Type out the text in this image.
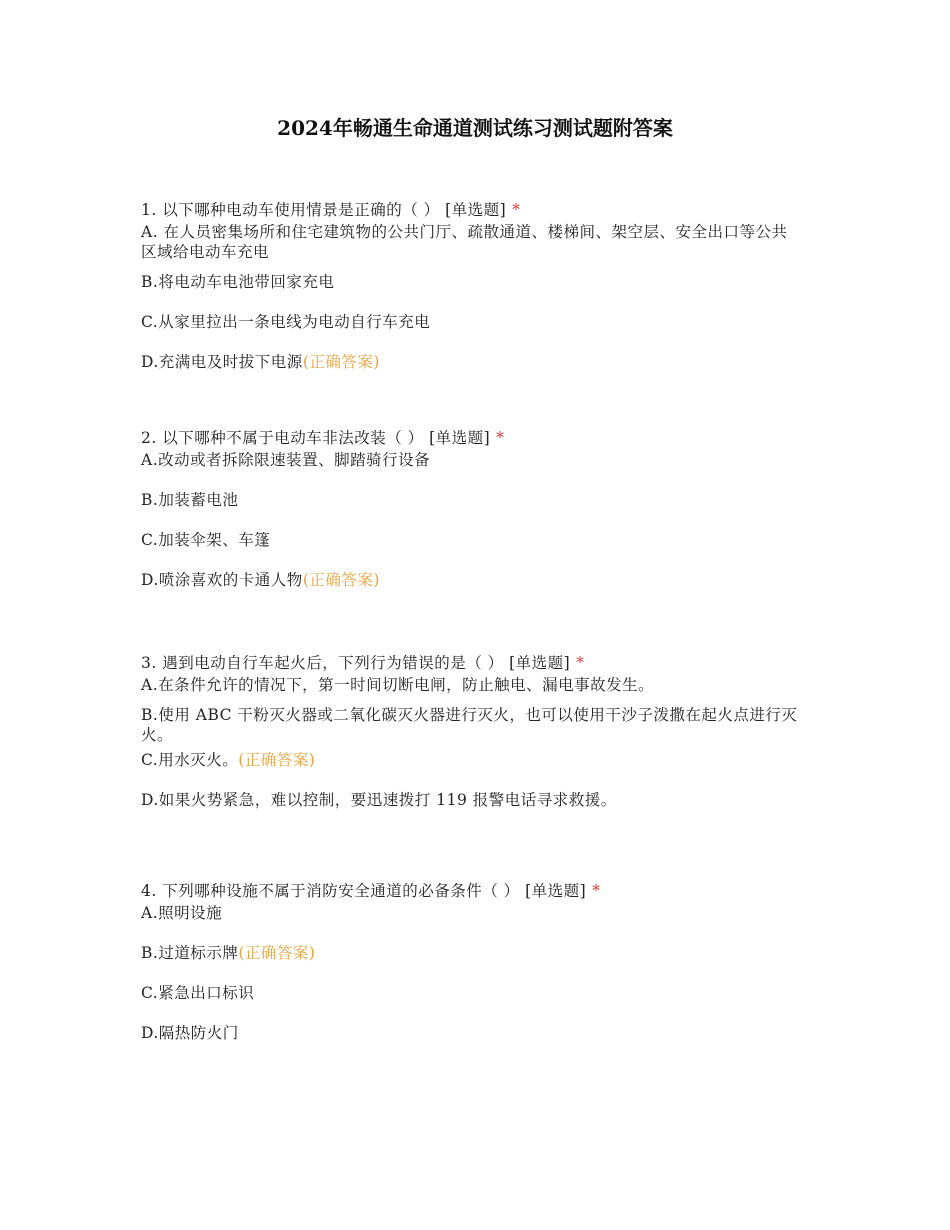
2024年畅通生命通道测试练习测试题附答案
1. 以下哪种电动车使用情景是正确的（ ） [单选题] *
A. 在人员密集场所和住宅建筑物的公共门厅、疏散通道、楼梯间、架空层、安全出口等公共区域给电动车充电
B.将电动车电池带回家充电
C.从家里拉出一条电线为电动自行车充电
D.充满电及时拔下电源(正确答案)
2. 以下哪种不属于电动车非法改装（ ） [单选题] *
A.改动或者拆除限速装置、脚踏骑行设备
B.加装蓄电池
C.加装伞架、车篷
D.喷涂喜欢的卡通人物(正确答案)
3. 遇到电动自行车起火后，下列行为错误的是（ ） [单选题] *
A.在条件允许的情况下，第一时间切断电闸，防止触电、漏电事故发生。
B.使用 ABC 干粉灭火器或二氧化碳灭火器进行灭火，也可以使用干沙子泼撒在起火点进行灭火。
C.用水灭火。(正确答案)
D.如果火势紧急，难以控制，要迅速拨打 119 报警电话寻求救援。
4. 下列哪种设施不属于消防安全通道的必备条件（ ） [单选题] *
A.照明设施
B.过道标示牌(正确答案)
C.紧急出口标识
D.隔热防火门
